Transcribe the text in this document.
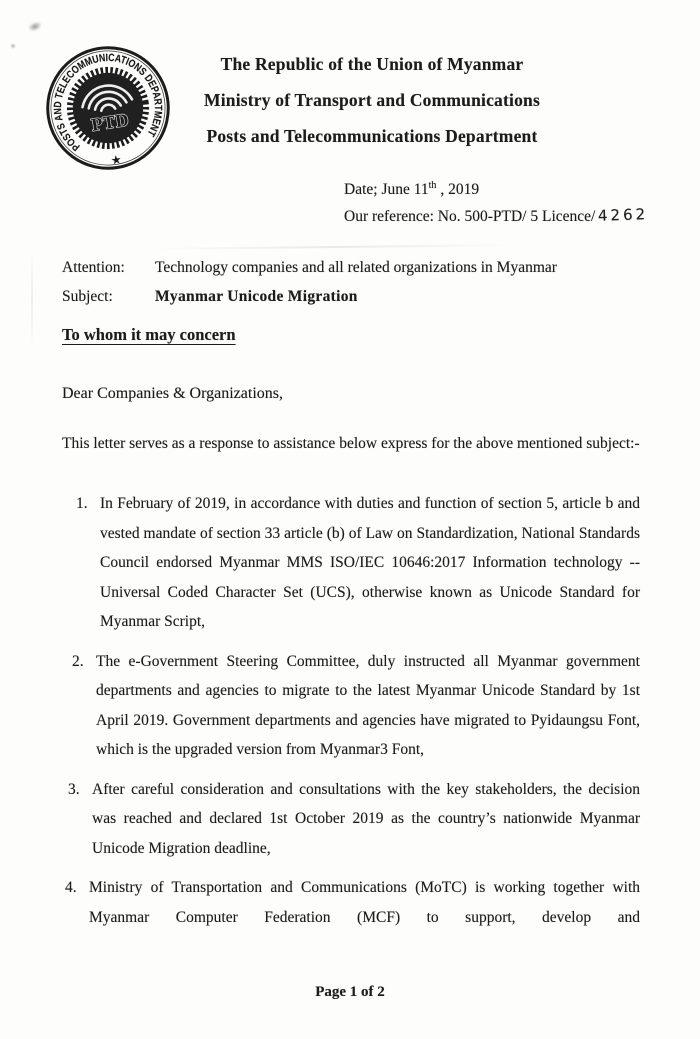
POSTS AND TELECOMMUNICATIONS DEPARTMENT
★
PTD
The Republic of the Union of Myanmar
Ministry of Transport and Communications
Posts and Telecommunications Department
Date; June 11th , 2019
Our reference: No. 500-PTD/ 5 Licence/ 4262
Attention:	Technology companies and all related organizations in Myanmar
Subject:	Myanmar Unicode Migration
To whom it may concern
Dear Companies & Organizations,
This letter serves as a response to assistance below express for the above mentioned subject:-
1. In February of 2019, in accordance with duties and function of section 5, article b and vested mandate of section 33 article (b) of Law on Standardization, National Standards Council endorsed Myanmar MMS ISO/IEC 10646:2017 Information technology -- Universal Coded Character Set (UCS), otherwise known as Unicode Standard for Myanmar Script,
2. The e-Government Steering Committee, duly instructed all Myanmar government departments and agencies to migrate to the latest Myanmar Unicode Standard by 1st April 2019. Government departments and agencies have migrated to Pyidaungsu Font, which is the upgraded version from Myanmar3 Font,
3. After careful consideration and consultations with the key stakeholders, the decision was reached and declared 1st October 2019 as the country’s nationwide Myanmar Unicode Migration deadline,
4. Ministry of Transportation and Communications (MoTC) is working together with Myanmar Computer Federation (MCF) to support, develop and
Page 1 of 2
